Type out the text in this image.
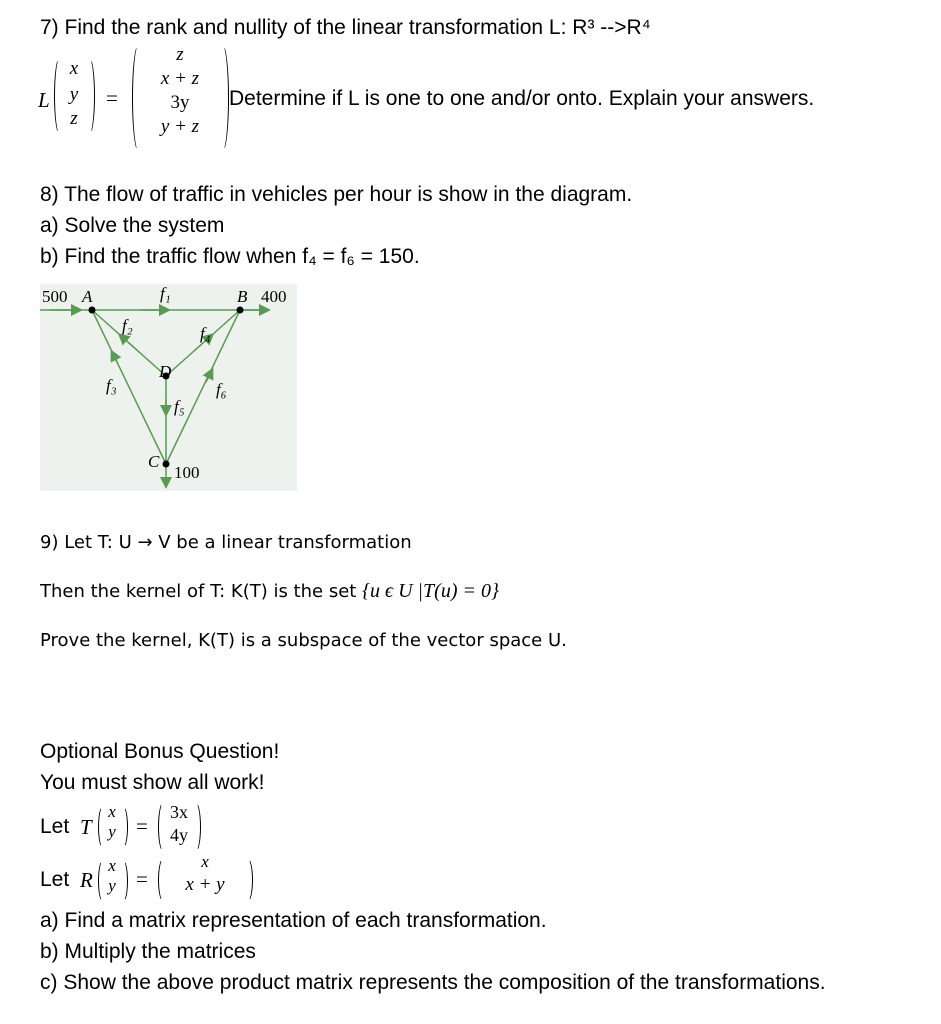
7) Find the rank and nullity of the linear transformation L: R³ -->R⁴
L
x
y
z
=
z
x + z
3y
y + z
Determine if L is one to one and/or onto. Explain your answers.
8) The flow of traffic in vehicles per hour is show in the diagram.
a) Solve the system
b) Find the traffic flow when f₄ = f₆ = 150.
500 A	f₁	B 400
f₂	f₄
D
f₃	f₆
f₅
C
100
9) Let T: U → V be a linear transformation
Then the kernel of T: K(T) is the set {u ϵ U |T(u) = 0}
Prove the kernel, K(T) is a subspace of the vector space U.
Optional Bonus Question!
You must show all work!
Let T
x
y =
3x
4y
Let R
x
y =
x
x + y
a) Find a matrix representation of each transformation.
b) Multiply the matrices
c) Show the above product matrix represents the composition of the transformations.
